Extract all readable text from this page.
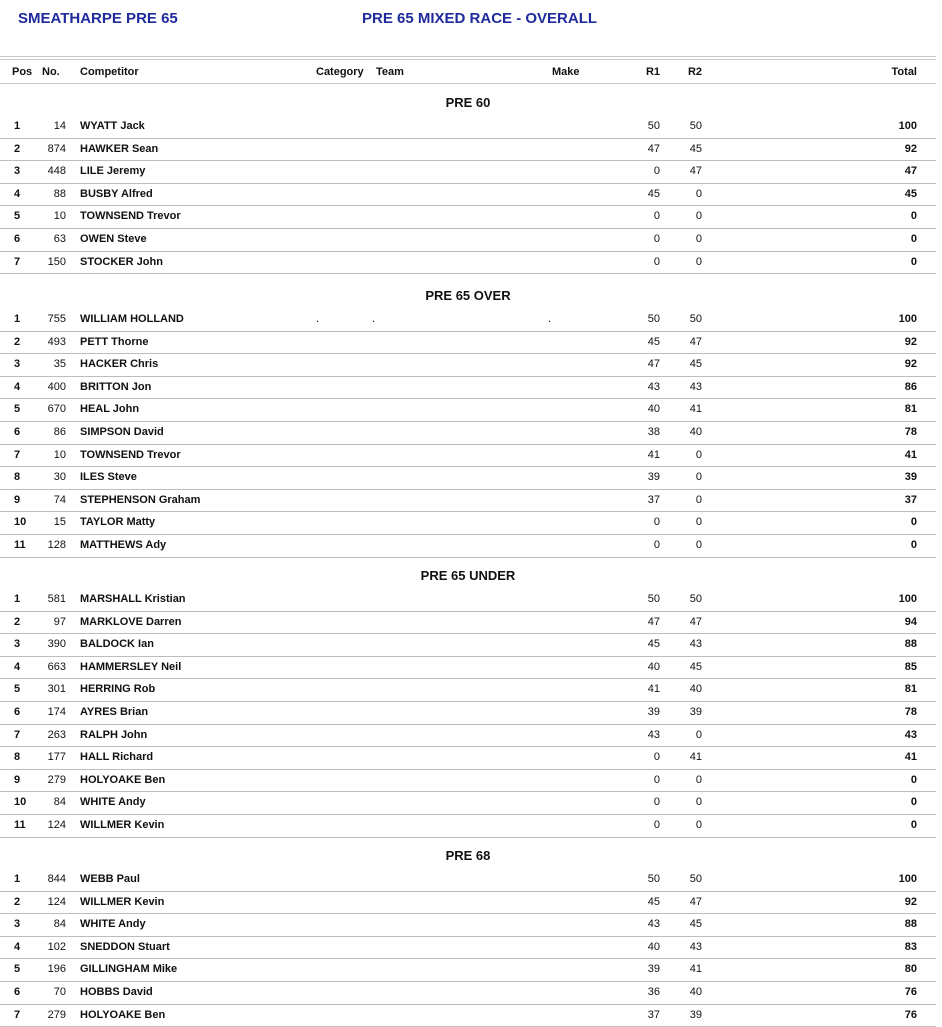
SMEATHARPE PRE 65	PRE 65 MIXED RACE - OVERALL
Pos No. Competitor	Category Team	Make	R1	R2	Total
PRE 60
1	14 WYATT Jack	50	50	100
2	874 HAWKER Sean	47	45	92
3	448 LILE Jeremy	0	47	47
4	88 BUSBY Alfred	45	0	45
5	10 TOWNSEND Trevor	0	0	0
6	63 OWEN Steve	0	0	0
7	150 STOCKER John	0	0	0
PRE 65 OVER
1	755 WILLIAM HOLLAND	50	50	100
.	.	.
2	493 PETT Thorne	45	47	92
3	35 HACKER Chris	47	45	92
4	400 BRITTON Jon	43	43	86
5	670 HEAL John	40	41	81
6	86 SIMPSON David	38	40	78
7	10 TOWNSEND Trevor	41	0	41
8	30 ILES Steve	39	0	39
9	74 STEPHENSON Graham	37	0	37
10	15 TAYLOR Matty	0	0	0
11	128 MATTHEWS Ady	0	0	0
PRE 65 UNDER
1	581 MARSHALL Kristian	50	50	100
2	97 MARKLOVE Darren	47	47	94
3	390 BALDOCK Ian	45	43	88
4	663 HAMMERSLEY Neil	40	45	85
5	301 HERRING Rob	41	40	81
6	174 AYRES Brian	39	39	78
7	263 RALPH John	43	0	43
8	177 HALL Richard	0	41	41
9	279 HOLYOAKE Ben	0	0	0
10	84 WHITE Andy	0	0	0
11	124 WILLMER Kevin	0	0	0
PRE 68
1	844 WEBB Paul	50	50	100
2	124 WILLMER Kevin	45	47	92
3	84 WHITE Andy	43	45	88
4	102 SNEDDON Stuart	40	43	83
5	196 GILLINGHAM Mike	39	41	80
6	70 HOBBS David	36	40	76
7	279 HOLYOAKE Ben	37	39	76
